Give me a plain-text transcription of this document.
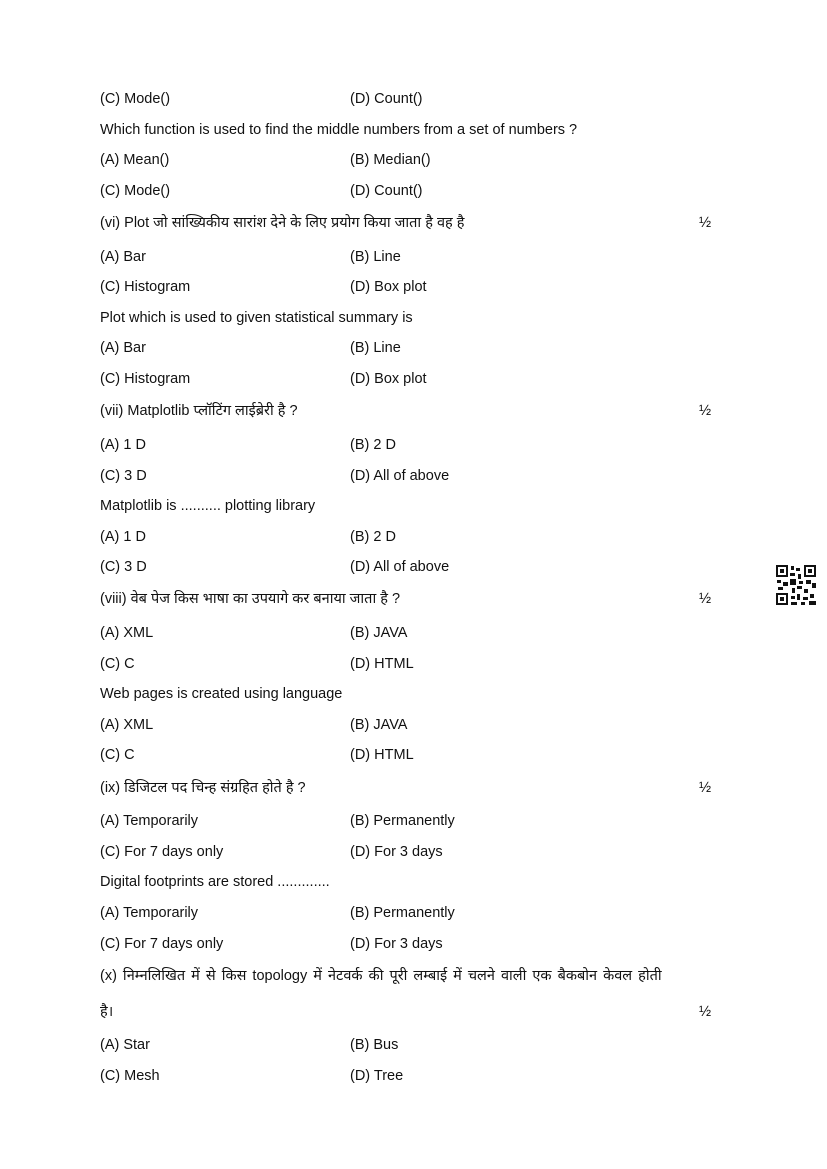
(C) Mode()	(D) Count()
Which function is used to find the middle numbers from a set of numbers ?
(A) Mean()	(B) Median()
(C) Mode()	(D) Count()
(vi) Plot जो सांख्यिकीय सारांश देने के लिए प्रयोग किया जाता है वह है	½
(A) Bar	(B) Line
(C) Histogram	(D) Box plot
Plot which is used to given statistical summary is
(A) Bar	(B) Line
(C) Histogram	(D) Box plot
(vii) Matplotlib प्लॉटिंग लाईब्रेरी है ?	½
(A) 1 D	(B) 2 D
(C) 3 D	(D) All of above
Matplotlib is .......... plotting library
(A) 1 D	(B) 2 D
(C) 3 D	(D) All of above
(viii) वेब पेज किस भाषा का उपयागे कर बनाया जाता है ?	½
(A) XML	(B) JAVA
(C) C	(D) HTML
Web pages is created using language
(A) XML	(B) JAVA
(C) C	(D) HTML
(ix) डिजिटल पद चिन्ह संग्रहित होते है ?	½
(A) Temporarily	(B) Permanently
(C) For 7 days only	(D) For 3 days
Digital footprints are stored .............
(A) Temporarily	(B) Permanently
(C) For 7 days only	(D) For 3 days
(x) निम्नलिखित में से किस topology में नेटवर्क की पूरी लम्बाई में चलने वाली एक बैकबोन केवल होती
है।	½
(A) Star	(B) Bus
(C) Mesh	(D) Tree
